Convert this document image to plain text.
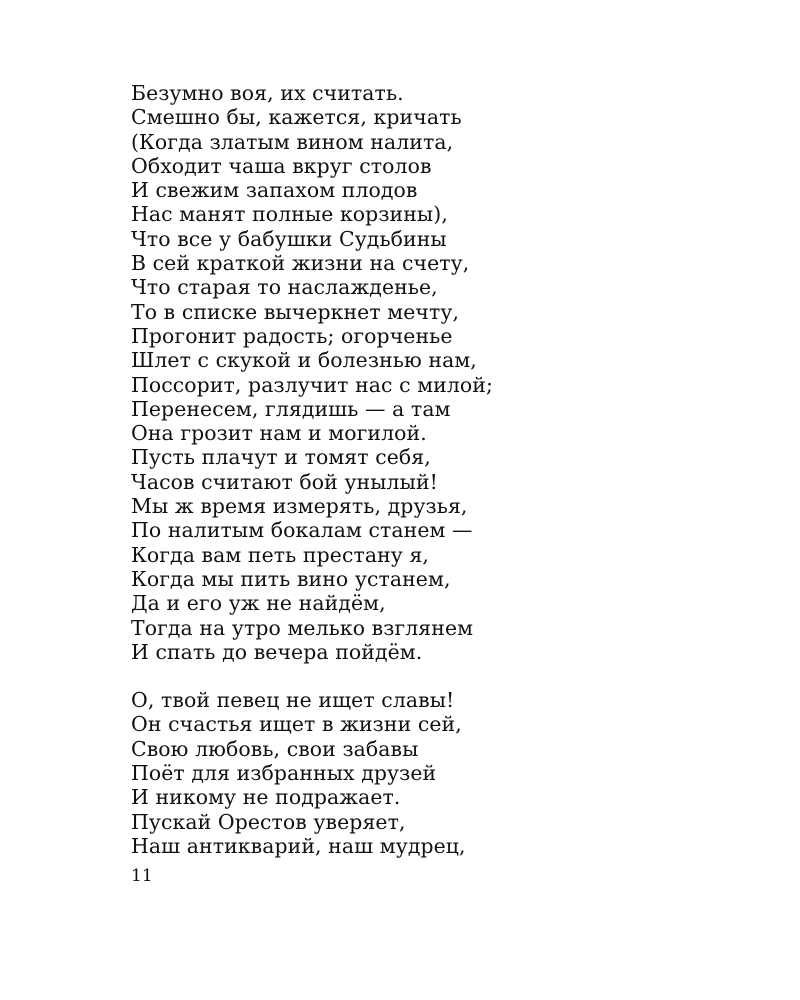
Безумно воя, их считать.
Смешно бы, кажется, кричать
(Когда златым вином налита,
Обходит чаша вкруг столов
И свежим запахом плодов
Нас манят полные корзины),
Что все у бабушки Судьбины
В сей краткой жизни на счету,
Что старая то наслажденье,
То в списке вычеркнет мечту,
Прогонит радость; огорченье
Шлет с скукой и болезнью нам,
Поссорит, разлучит нас с милой;
Перенесем, глядишь — а там
Она грозит нам и могилой.
Пусть плачут и томят себя,
Часов считают бой унылый!
Мы ж время измерять, друзья,
По налитым бокалам станем —
Когда вам петь престану я,
Когда мы пить вино устанем,
Да и его уж не найдём,
Тогда на утро мелько взглянем
И спать до вечера пойдём.
О, твой певец не ищет славы!
Он счастья ищет в жизни сей,
Свою любовь, свои забавы
Поёт для избранных друзей
И никому не подражает.
Пускай Орестов уверяет,
Наш антикварий, наш мудрец,
11
